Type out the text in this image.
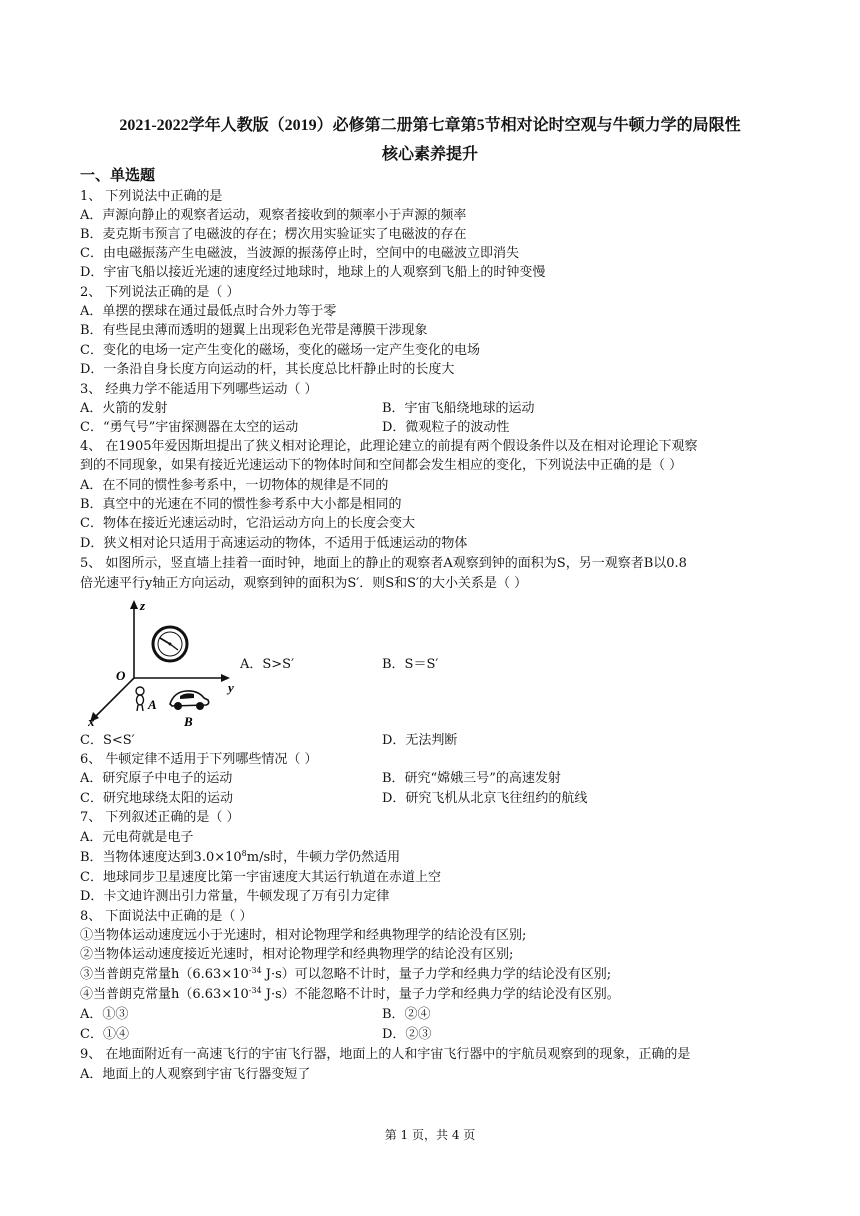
2021-2022学年人教版（2019）必修第二册第七章第5节相对论时空观与牛顿力学的局限性
核心素养提升
一、单选题
1、 下列说法中正确的是
A．声源向静止的观察者运动，观察者接收到的频率小于声源的频率
B．麦克斯韦预言了电磁波的存在；楞次用实验证实了电磁波的存在
C．由电磁振荡产生电磁波，当波源的振荡停止时，空间中的电磁波立即消失
D．宇宙飞船以接近光速的速度经过地球时，地球上的人观察到飞船上的时钟变慢
2、 下列说法正确的是（ ）
A．单摆的摆球在通过最低点时合外力等于零
B．有些昆虫薄而透明的翅翼上出现彩色光带是薄膜干涉现象
C．变化的电场一定产生变化的磁场，变化的磁场一定产生变化的电场
D．一条沿自身长度方向运动的杆，其长度总比杆静止时的长度大
3、 经典力学不能适用下列哪些运动（ ）
A．火箭的发射	B．宇宙飞船绕地球的运动
C．“勇气号”宇宙探测器在太空的运动	D．微观粒子的波动性
4、 在1905年爱因斯坦提出了狭义相对论理论，此理论建立的前提有两个假设条件以及在相对论理论下观察
到的不同现象，如果有接近光速运动下的物体时间和空间都会发生相应的变化，下列说法中正确的是（ ）
A．在不同的惯性参考系中，一切物体的规律是不同的
B．真空中的光速在不同的惯性参考系中大小都是相同的
C．物体在接近光速运动时，它沿运动方向上的长度会变大
D．狭义相对论只适用于高速运动的物体，不适用于低速运动的物体
5、 如图所示，竖直墙上挂着一面时钟，地面上的静止的观察者A观察到钟的面积为S，另一观察者B以0.8
倍光速平行y轴正方向运动，观察到钟的面积为S′．则S和S′的大小关系是（ ）
z
y
x
O
A
B
A．S>S′	B．S＝S′
C．S<S′	D．无法判断
6、 牛顿定律不适用于下列哪些情况（ ）
A．研究原子中电子的运动	B．研究“嫦娥三号”的高速发射
C．研究地球绕太阳的运动	D．研究飞机从北京飞往纽约的航线
7、 下列叙述正确的是（ ）
A．元电荷就是电子
B．当物体速度达到$3.0\times 10^8m/s$时，牛顿力学仍然适用
C．地球同步卫星速度比第一宇宙速度大其运行轨道在赤道上空
D．卡文迪许测出引力常量，牛顿发现了万有引力定律
8、 下面说法中正确的是（ ）
①当物体运动速度远小于光速时，相对论物理学和经典物理学的结论没有区别;
②当物体运动速度接近光速时，相对论物理学和经典物理学的结论没有区别;
③当普朗克常量$h(6.63\times 10^{-34}$ J·s）可以忽略不计时，量子力学和经典力学的结论没有区别;
④当普朗克常量$h(6.63\times 10^{-34}$ J·s）不能忽略不计时，量子力学和经典力学的结论没有区别。
A．①③	B．②④
C．①④	D．②③
9、 在地面附近有一高速飞行的宇宙飞行器，地面上的人和宇宙飞行器中的宇航员观察到的现象，正确的是
A．地面上的人观察到宇宙飞行器变短了
第 1 页，共 4 页
